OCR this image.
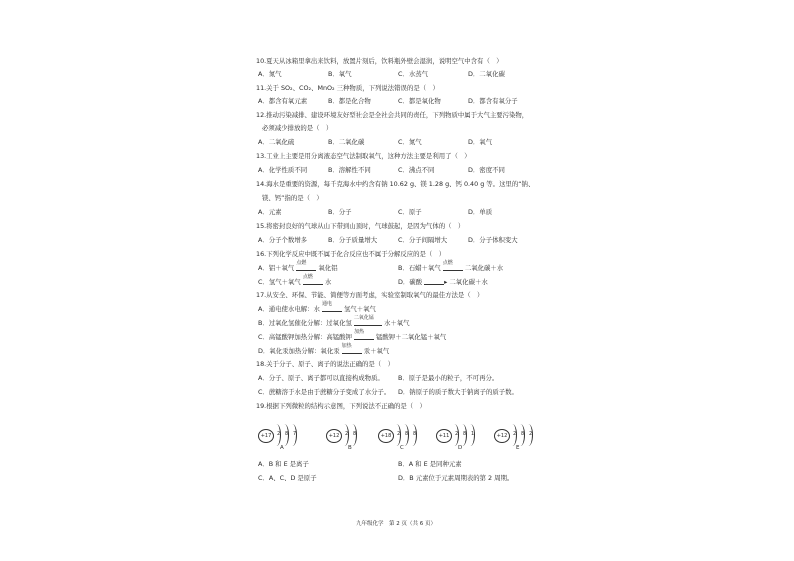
10.夏天从冰箱里拿出来饮料，放置片刻后，饮料瓶外壁会湿润，说明空气中含有（　）
A．氮气	B．氧气	C．水蒸气	D．二氧化碳
11.关于 SO₂、CO₂、MnO₂ 三种物质，下列说法错误的是（　）
A．都含有氧元素	B．都是化合物	C．都是氧化物	D．都含有氧分子
12.推动污染减排、建设环境友好型社会是全社会共同的责任，下列物质中属于大气主要污染物，
必须减少排放的是（　）
A．二氧化硫	B．二氧化碳	C．氮气	D．氧气
13.工业上主要是用分离液态空气法制取氧气，这种方法主要是利用了（　）
A．化学性质不同	B．溶解性不同	C．沸点不同	D．密度不同
14.海水是重要的资源，每千克海水中约含有钠 10.62 g、镁 1.28 g、钙 0.40 g 等。这里的“钠、
镁、钙”指的是（　）
A．元素	B．分子	C．原子	D．单质
15.将密封良好的气球从山下带到山顶时，气球鼓起，是因为气体的（　）
A．分子个数增多	B．分子质量增大	C．分子间隔增大	D．分子体积变大
16.下列化学反应中既不属于化合反应也不属于分解反应的是（　）
A．铝＋氧气
点燃
氧化铝	B．石蜡＋氧气
点燃
二氧化碳＋水
C．氢气＋氧气
点燃
水	D．碳酸	▸ 二氧化碳＋水
17.从安全、环保、节能、简便等方面考虑，实验室制取氧气的最佳方法是（　）
A．通电使水电解：水
通电
氢气＋氧气
B．过氧化氢催化分解：过氧化氢
二氧化锰
水＋氧气
C．高锰酸钾加热分解：高锰酸钾
加热
锰酸钾＋二氧化锰＋氧气
D．氧化汞加热分解：氧化汞
加热
汞＋氧气
18.关于分子、原子、离子的说法正确的是（　）
A．分子、原子、离子都可以直接构成物质。 B．原子是最小的粒子，不可再分。
C．蔗糖溶于水是由于蔗糖分子变成了水分子。 D．钠原子的质子数大于钠离子的质子数。
19.根据下列微粒的结构示意图，下列说法不正确的是（　）
+17	2 8 7
A
+12	2 8
B
+18	2 8 8
C
+11	2 8 1
D
+12	2 8 2
E
A．B 和 E 是离子	B．A 和 E 是同种元素
C．A、C、D 是原子	D．B 元素位于元素周期表的第 2 周期。
九年级化学　第 2 页（共 6 页）
